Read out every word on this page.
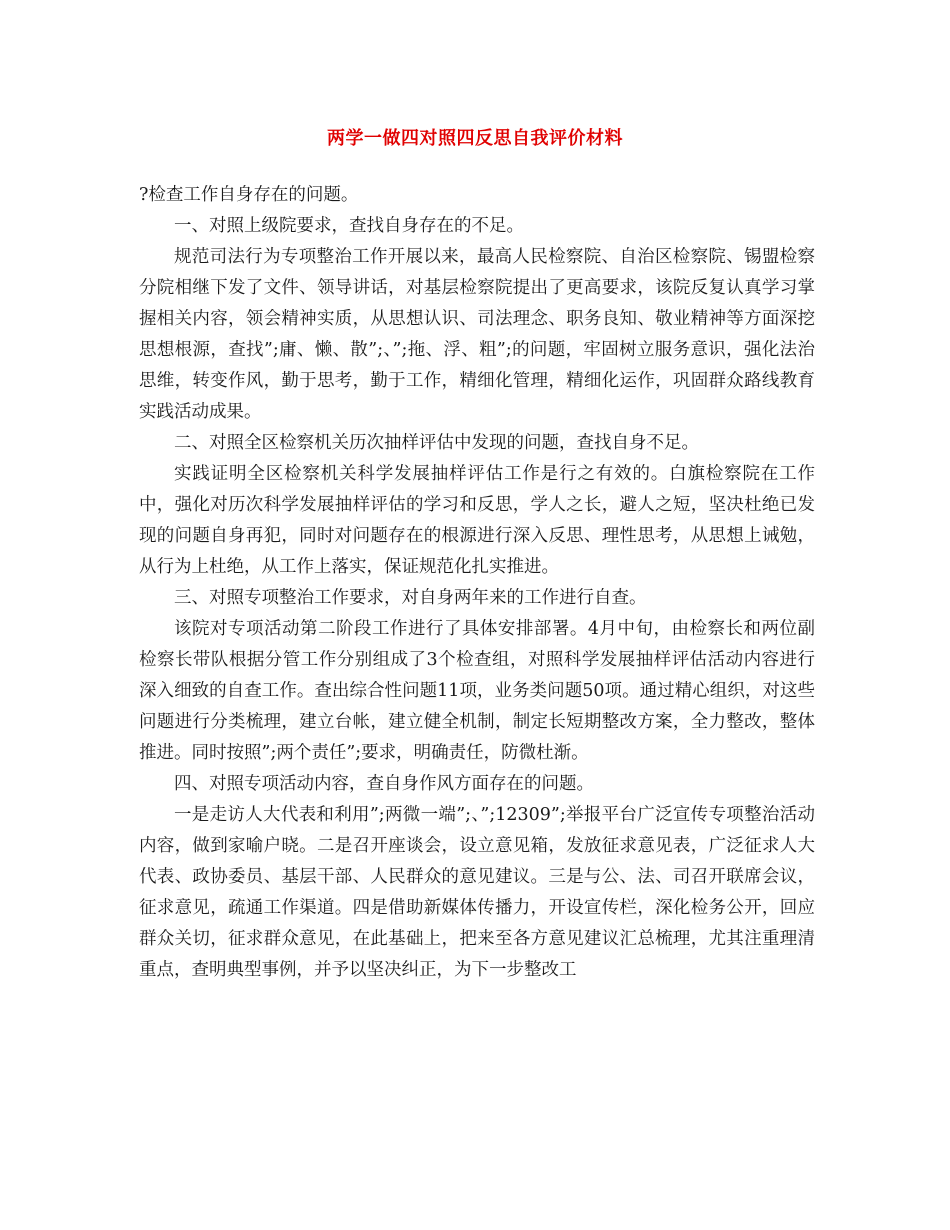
两学一做四对照四反思自我评价材料

?检查工作自身存在的问题。

一、对照上级院要求，查找自身存在的不足。

规范司法行为专项整治工作开展以来，最高人民检察院、自治区检察院、锡盟检察分院相继下发了文件、领导讲话，对基层检察院提出了更高要求，该院反复认真学习掌握相关内容，领会精神实质，从思想认识、司法理念、职务良知、敬业精神等方面深挖思想根源，查找”;庸、懒、散”;、”;拖、浮、粗”;的问题，牢固树立服务意识，强化法治思维，转变作风，勤于思考，勤于工作，精细化管理，精细化运作，巩固群众路线教育实践活动成果。

二、对照全区检察机关历次抽样评估中发现的问题，查找自身不足。

实践证明全区检察机关科学发展抽样评估工作是行之有效的。白旗检察院在工作中，强化对历次科学发展抽样评估的学习和反思，学人之长，避人之短，坚决杜绝已发现的问题自身再犯，同时对问题存在的根源进行深入反思、理性思考，从思想上诫勉，从行为上杜绝，从工作上落实，保证规范化扎实推进。

三、对照专项整治工作要求，对自身两年来的工作进行自查。

该院对专项活动第二阶段工作进行了具体安排部署。4月中旬，由检察长和两位副检察长带队根据分管工作分别组成了3个检查组，对照科学发展抽样评估活动内容进行深入细致的自查工作。查出综合性问题11项，业务类问题50项。通过精心组织，对这些问题进行分类梳理，建立台帐，建立健全机制，制定长短期整改方案，全力整改，整体推进。同时按照”;两个责任”;要求，明确责任，防微杜渐。

四、对照专项活动内容，查自身作风方面存在的问题。

一是走访人大代表和利用”;两微一端”;、”;12309”;举报平台广泛宣传专项整治活动内容，做到家喻户晓。二是召开座谈会，设立意见箱，发放征求意见表，广泛征求人大代表、政协委员、基层干部、人民群众的意见建议。三是与公、法、司召开联席会议，征求意见，疏通工作渠道。四是借助新媒体传播力，开设宣传栏，深化检务公开，回应群众关切，征求群众意见，在此基础上，把来至各方意见建议汇总梳理，尤其注重理清重点，查明典型事例，并予以坚决纠正，为下一步整改工
